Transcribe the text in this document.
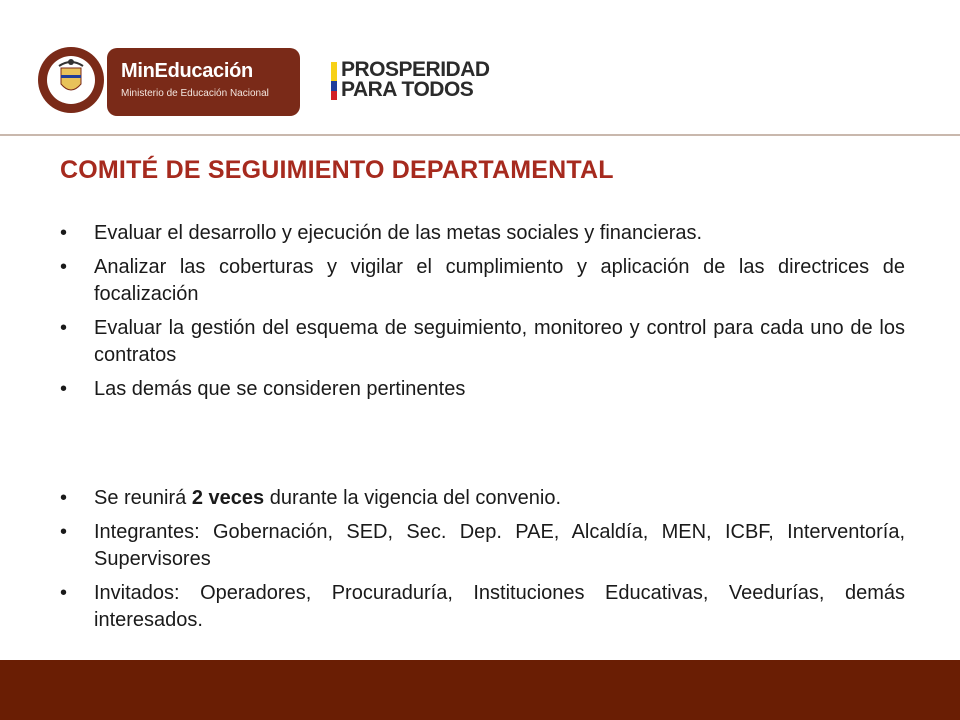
MinEducación
Ministerio de Educación Nacional
PROSPERIDAD
PARA TODOS
COMITÉ DE SEGUIMIENTO DEPARTAMENTAL
• Evaluar el desarrollo y ejecución de las metas sociales y financieras.
• Analizar las coberturas y vigilar el cumplimiento y aplicación de las directrices de focalización
• Evaluar la gestión del esquema de seguimiento, monitoreo y control para cada uno de los contratos
• Las demás que se consideren pertinentes
• Se reunirá 2 veces durante la vigencia del convenio.
• Integrantes: Gobernación, SED, Sec. Dep. PAE, Alcaldía, MEN, ICBF, Interventoría, Supervisores
• Invitados: Operadores, Procuraduría, Instituciones Educativas, Veedurías, demás interesados.
